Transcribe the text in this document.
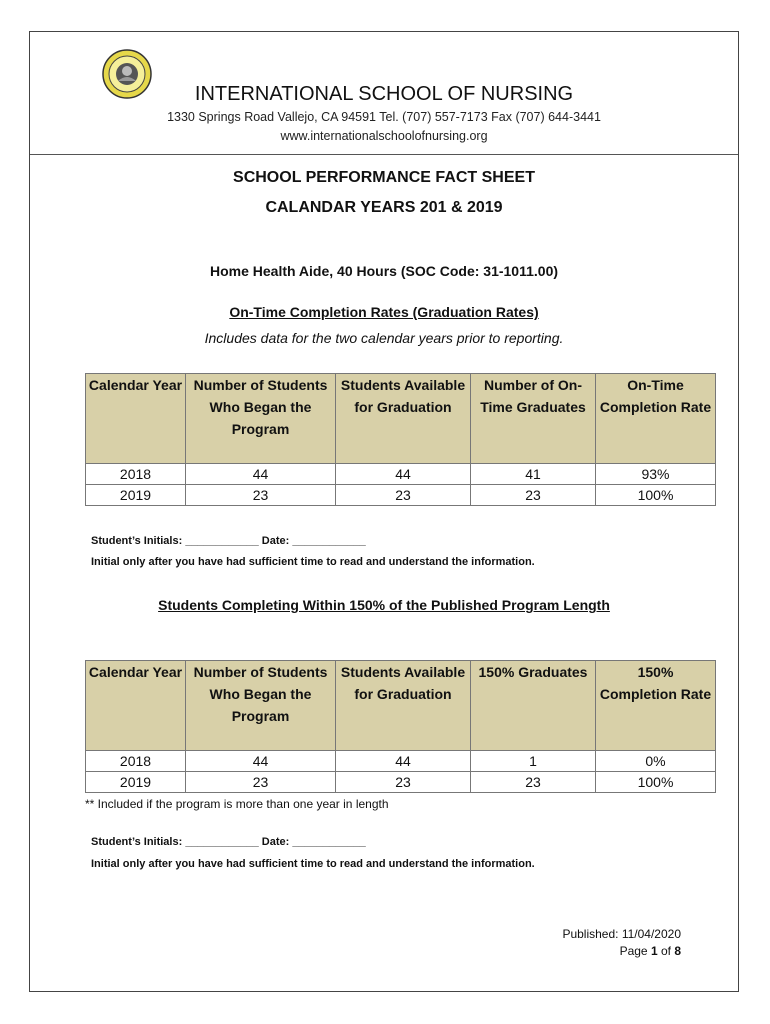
INTERNATIONAL SCHOOL OF NURSING
1330 Springs Road Vallejo, CA 94591 Tel. (707) 557-7173 Fax (707) 644-3441
www.internationalschoolofnursing.org
SCHOOL PERFORMANCE FACT SHEET
CALANDAR YEARS 201 & 2019
Home Health Aide, 40 Hours (SOC Code: 31-1011.00)
On-Time Completion Rates (Graduation Rates)
Includes data for the two calendar years prior to reporting.
Calendar Year	Number of Students Who Began the Program	Students Available for Graduation	Number of On-Time Graduates	On-Time Completion Rate
2018	44	44	41	93%
2019	23	23	23	100%
Student’s Initials: ____________ Date: ____________
Initial only after you have had sufficient time to read and understand the information.
Students Completing Within 150% of the Published Program Length
Calendar Year	Number of Students Who Began the Program	Students Available for Graduation	150% Graduates	150% Completion Rate
2018	44	44	1	0%
2019	23	23	23	100%
** Included if the program is more than one year in length
Student’s Initials: ____________ Date: ____________
Initial only after you have had sufficient time to read and understand the information.
Published: 11/04/2020
Page 1 of 8
